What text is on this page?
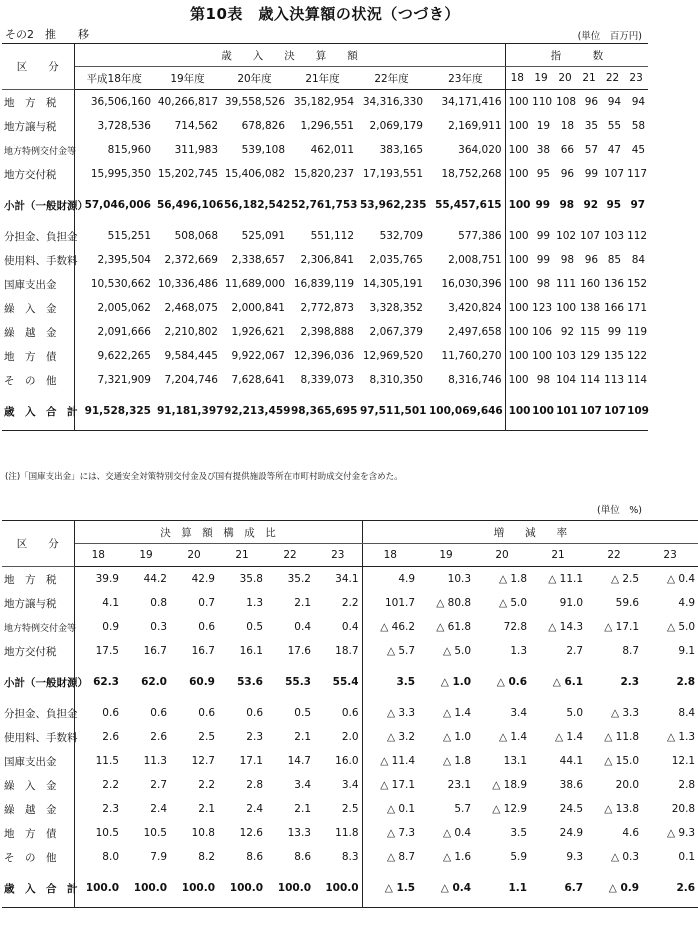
第10表　歳入決算額の状況（つづき）
その2　推　　移	(単位　百万円)
区　　分	歳　　入　　決　　算　　額						指　　　数					
	平成18年度	19年度	20年度	21年度	22年度	23年度	18	19	20	21	22	23
地　方　税	36,506,160	40,266,817	39,558,526	35,182,954	34,316,330	34,171,416	100	110	108	96	94	94
地方譲与税	3,728,536	714,562	678,826	1,296,551	2,069,179	2,169,911	100	19	18	35	55	58
地方特例交付金等	815,960	311,983	539,108	462,011	383,165	364,020	100	38	66	57	47	45
地方交付税	15,995,350	15,202,745	15,406,082	15,820,237	17,193,551	18,752,268	100	95	96	99	107	117
小計（一般財源）	57,046,006	56,496,106	56,182,542	52,761,753	53,962,235	55,457,615	100	99	98	92	95	97
分担金、負担金	515,251	508,068	525,091	551,112	532,709	577,386	100	99	102	107	103	112
使用料、手数料	2,395,504	2,372,669	2,338,657	2,306,841	2,035,765	2,008,751	100	99	98	96	85	84
国庫支出金	10,530,662	10,336,486	11,689,000	16,839,119	14,305,191	16,030,396	100	98	111	160	136	152
繰　入　金	2,005,062	2,468,075	2,000,841	2,772,873	3,328,352	3,420,824	100	123	100	138	166	171
繰　越　金	2,091,666	2,210,802	1,926,621	2,398,888	2,067,379	2,497,658	100	106	92	115	99	119
地　方　債	9,622,265	9,584,445	9,922,067	12,396,036	12,969,520	11,760,270	100	100	103	129	135	122
そ　の　他	7,321,909	7,204,746	7,628,641	8,339,073	8,310,350	8,316,746	100	98	104	114	113	114
歳　入　合　計	91,528,325	91,181,397	92,213,459	98,365,695	97,511,501	100,069,646	100	100	101	107	107	109
(注)「国庫支出金」には、交通安全対策特別交付金及び国有提供施設等所在市町村助成交付金を含めた。
(単位　%)
区　　分	決　算　額　構　成　比						増　　減　　率					
	18	19	20	21	22	23	18	19	20	21	22	23
地　方　税	39.9	44.2	42.9	35.8	35.2	34.1	4.9	10.3	△ 1.8	△ 11.1	△ 2.5	△ 0.4
地方譲与税	4.1	0.8	0.7	1.3	2.1	2.2	101.7	△ 80.8	△ 5.0	91.0	59.6	4.9
地方特例交付金等	0.9	0.3	0.6	0.5	0.4	0.4	△ 46.2	△ 61.8	72.8	△ 14.3	△ 17.1	△ 5.0
地方交付税	17.5	16.7	16.7	16.1	17.6	18.7	△ 5.7	△ 5.0	1.3	2.7	8.7	9.1
小計（一般財源）	62.3	62.0	60.9	53.6	55.3	55.4	3.5	△ 1.0	△ 0.6	△ 6.1	2.3	2.8
分担金、負担金	0.6	0.6	0.6	0.6	0.5	0.6	△ 3.3	△ 1.4	3.4	5.0	△ 3.3	8.4
使用料、手数料	2.6	2.6	2.5	2.3	2.1	2.0	△ 3.2	△ 1.0	△ 1.4	△ 1.4	△ 11.8	△ 1.3
国庫支出金	11.5	11.3	12.7	17.1	14.7	16.0	△ 11.4	△ 1.8	13.1	44.1	△ 15.0	12.1
繰　入　金	2.2	2.7	2.2	2.8	3.4	3.4	△ 17.1	23.1	△ 18.9	38.6	20.0	2.8
繰　越　金	2.3	2.4	2.1	2.4	2.1	2.5	△ 0.1	5.7	△ 12.9	24.5	△ 13.8	20.8
地　方　債	10.5	10.5	10.8	12.6	13.3	11.8	△ 7.3	△ 0.4	3.5	24.9	4.6	△ 9.3
そ　の　他	8.0	7.9	8.2	8.6	8.6	8.3	△ 8.7	△ 1.6	5.9	9.3	△ 0.3	0.1
歳　入　合　計	100.0	100.0	100.0	100.0	100.0	100.0	△ 1.5	△ 0.4	1.1	6.7	△ 0.9	2.6
